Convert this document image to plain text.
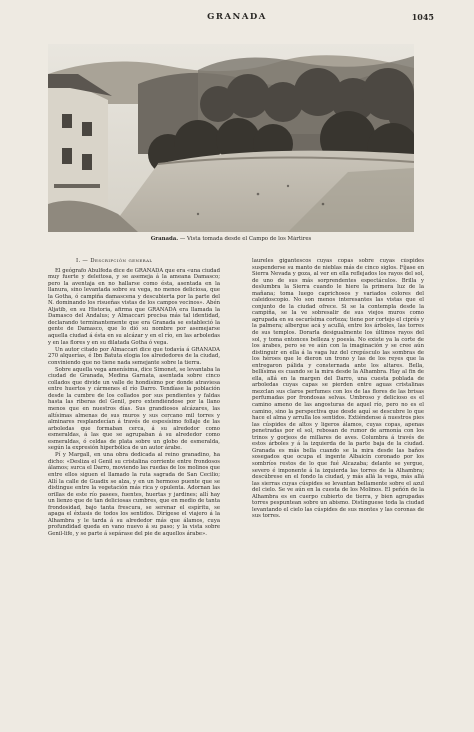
GRANADA	1045
Granada. — Vista tomada desde el Campo de los Mártires
I. — Descripción general

El geógrafo Abulfeda dice de GRANADA que era «una ciudad muy fuerte y deleitosa, y se asemeja á la ameana Damasco; pero la aventaja en no hallarse como ésta, asentada en la llanura, sino levantada sobre su vega, no menos deliciosa, que la Gotha, ó campiña damascena y descubierta por la parte del N. dominando los risueñas vistas de los campos vecinos». Abén Aljatib, en su Historia, afirma que GRANADA era llamada la Damasco del Andalus; y Almaccari precisa más tal identidad, declarando terminantemente que era Granada se estableció la gente de Damasco, que lo dió su nombre por asemejarse aquella ciudad á ésta en su alcázar y en el río, en las arboledas y en las flores y en su dilatada Gotha ó vega.

Un autor citado por Almaccari dice que todavía á GRANADA 270 alquerías, é Ibn Batuta elogia los alrededores de la ciudad, conviniendo que no tiene nada semejante sobre la tierra.

Sobre aquella vega amenísima, dice Simonet, se levantaba la ciudad de Granada, Medina Garnata, asentada sobre cinco collados que divide un valle de hondísimo por donde atraviesa entre huertos y cármenes el río Darro. Tendíase la población desde la cumbre de los collados por sus pendientes y faldas hasta las riberas del Genil, pero extendiéndose por la llano menos que en nuestros días. Sus grandiosos alcázares, las altísimas almenas de sus muros y sus cercano mil torres y alminares resplandecían á través de espesísimo follaje de las arboledas que formaban cerca, á su alrededor como esmeraldas, á las que se agrupaban á su alrededor como esmeraldas, ó celdas de plata sobre un globo de esmeralda, según la expresión hiperbólica de un autor árabe.

Pí y Margall, en una obra dedicada al reino granadino, ha dicho: «Desliza el Genil su cristalina corriente entre frondosos álamos; surca el Darro, moviendo las ruedas de los molinos que entre ellos siguen el llamado la ruta sagrada de San Cecilio; Allí la calle de Guadix se alza, y en un hermoso puente que se distingue entre la vegetación más rica y opulenta. Adornan las orillas de este río pasees, fuentes, huertas y jardines; allí hay un lienzo que de tan deliciosas cumbres, que en medio de tanta frondosidad, bajo tanta frescura, se serenar el espíritu, se apaga el éxtasis de todos los sentidos. Dirígese el viajero á la Alhambra y le tarda á su alrededor más que álamos, cuya profundidad queda en vano nuevo á su paso; y la vista sobre Genil-life, y se parte á sepárase del pie de aquellos árabe».

laureles gigantescos cuyas copas sobre cuyas cúspides suspenderse su manto de nieblas más de cinco siglos. Fíjase en Sierra Nevada y goza, al ver en ella reflejados los rayos del sol, de uno de sus más sorprendentes espectáculos. Brilla y deslumbra la Sierra cuando le hiere la primera luz de la mañana; toma luego caprichosos y variados colores del caleidoscopio. No son menos interesantes las vistas que el conjunto de la ciudad ofrece. Si se la contempla desde la campiña, se la ve sobresalir de sus viejos muros como agrupada en su oscurísima corteza; tiene por cortejo el ciprés y la palmera; albergue acá y acullá, entre los árboles, las torres de sus templos. Dorarla desigualmente los últimos rayos del sol, y toma entonces belleza y poesía. No existe ya la corte de los árabes, pero se ve aún con la imaginación y se cree aún distinguir en ella á la vaga luz del crepúsculo las sombras de los héroes que le dieron un trono y las de los reyes que la entregaron pálida y consternada ante los altares. Bella, bellísima es cuando se la mira desde la Alhambra. Hay al fin de ella, allá en la margen del Darro, una cuesta poblada de arboledas cuyas capas se pierden entre aguas cristalinas mezclan sus claros perfumes con los de las flores de las brisas perfumadas por frondosas selvas. Umbroso y delicioso es el camino ameno de las angosturas de aquel río, pero no es el camino, sino la perspectiva que desde aquí se descubre lo que hace el alma y arrulla los sentidos. Extiéndense á nuestros pies las cúspides de altos y ligeros álamos, cuyas copas, apenas penetradas por el sol, rebosan de rumor de armonía con los trinos y gorjeos de millares de aves. Columbra á través de estos árboles y á la izquierda de la parte baja de la ciudad. Granada es más bella cuando se la mira desde las baños sosegados que ocupa el ingente Albaicín coronado por los sombríos restos de lo que fué Alcazaba; delante se yergue, severo é imponente á la izquierda las torres de la Alhambra; descúbrese en el fondo la ciudad, y más allá la vega, más allá las sierras cuyas cúspides se levantan bellamente sobre el azul del cielo. Se ve aún en la cuesta de los Molinos. El peñón de la Alhambra es en cuerpo cubierto de tierra, y bien agrupadas torres pespuntean sobre un abismo. Distínguese toda la ciudad levantando el cielo las cúspides de sus montes y las coronas de sus torres.
